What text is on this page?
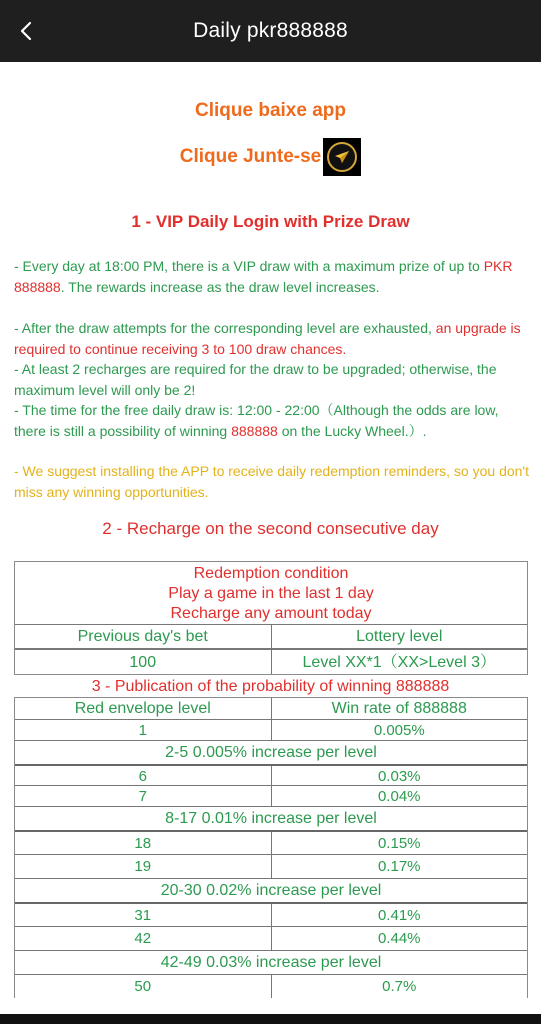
Daily pkr888888
Clique baixe app
Clique Junte-se
1 - VIP Daily Login with Prize Draw
- Every day at 18:00 PM, there is a VIP draw with a maximum prize of up to PKR 888888. The rewards increase as the draw level increases.
- After the draw attempts for the corresponding level are exhausted, an upgrade is required to continue receiving 3 to 100 draw chances.
- At least 2 recharges are required for the draw to be upgraded; otherwise, the maximum level will only be 2!
- The time for the free daily draw is: 12:00 - 22:00（Although the odds are low, there is still a possibility of winning 888888 on the Lucky Wheel.）.
- We suggest installing the APP to receive daily redemption reminders, so you don't miss any winning opportunities.
2 - Recharge on the second consecutive day
Redemption condition
Play a game in the last 1 day
Recharge any amount today
Previous day's bet	Lottery level
100	Level XX*1（XX>Level 3）
3 - Publication of the probability of winning 888888
Red envelope level	Win rate of 888888
1	0.005%
2-5 0.005% increase per level
6	0.03%
7	0.04%
8-17 0.01% increase per level
18	0.15%
19	0.17%
20-30 0.02% increase per level
31	0.41%
42	0.44%
42-49 0.03% increase per level
50	0.7%
